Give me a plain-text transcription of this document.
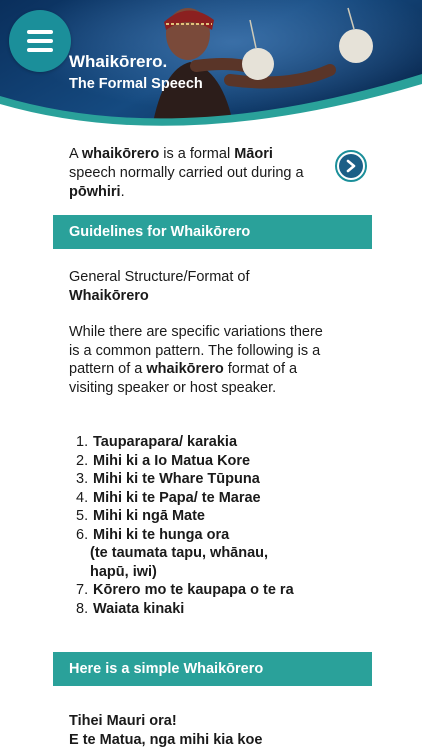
Whaikōrero.
The Formal Speech

A whaikōrero is a formal Māori speech normally carried out during a pōwhiri.

Guidelines for Whaikōrero
General Structure/Format of
Whaikōrero

While there are specific variations there is a common pattern. The following is a pattern of a whaikōrero format of a visiting speaker or host speaker.

1. Tauparapara/ karakia
2. Mihi ki a Io Matua Kore
3. Mihi ki te Whare Tūpuna
4. Mihi ki te Papa/ te Marae
5. Mihi ki ngā Mate
6. Mihi ki te hunga ora
(te taumata tapu, whānau, hapū, iwi)
7. Kōrero mo te kaupapa o te ra
8. Waiata kinaki
Here is a simple Whaikōrero
Tihei Mauri ora!
E te Matua, nga mihi kia koe
